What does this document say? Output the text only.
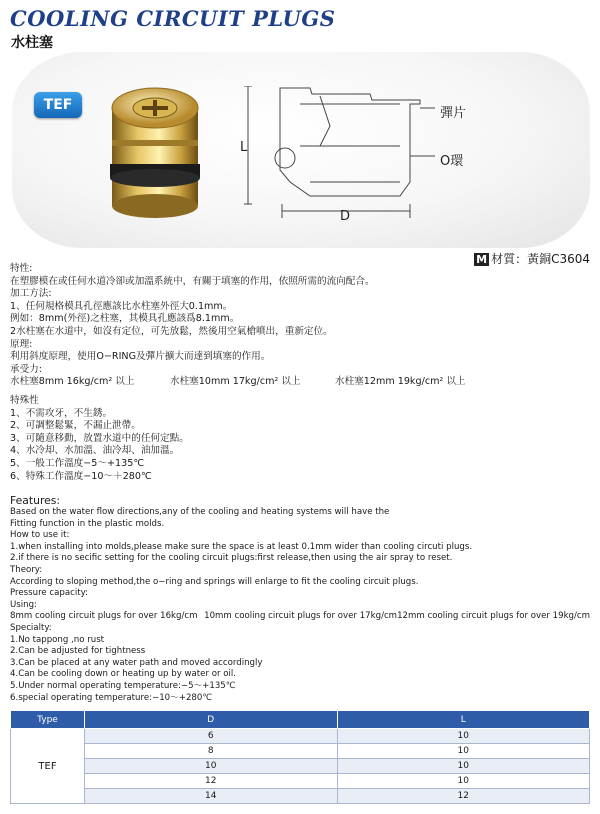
COOLING CIRCUIT PLUGS
水柱塞
TEF
L
D
彈片
O環
M 材質：黃銅C3604
特性:
在塑膠模在或任何水道冷卻或加溫系統中，有關于填塞的作用，依照所需的流向配合。
加工方法:
1、任何規格模具孔徑應該比水柱塞外徑大0.1mm。
例如：8mm(外徑)之柱塞，其模具孔應該爲8.1mm。
2水柱塞在水道中，如沒有定位，可先放鬆，然後用空氣槍噴出，重新定位。
原理:
利用斜度原理，使用O−RING及彈片擴大而達到填塞的作用。
承受力:
水柱塞8mm 16kg/cm² 以上	水柱塞10mm 17kg/cm² 以上	水柱塞12mm 19kg/cm² 以上
特殊性
1、不需攻牙，不生銹。
2、可調整鬆緊，不漏止泄帶。
3、可隨意移動，放置水道中的任何定點。
4、水冷却、水加溫、油冷却、油加溫。
5、一般工作溫度−5～+135℃
6、特殊工作溫度−10～＋280℃
Features:
Based on the water flow directions,any of the cooling and heating systems will have the
Fitting function in the plastic molds.
How to use it:
1.when installing into molds,please make sure the space is at least 0.1mm wider than cooling circuti plugs.
2.if there is no secific setting for the cooling circuit plugs:first release,then using the air spray to reset.
Theory:
According to sloping method,the o−ring and springs will enlarge to fit the cooling circuit plugs.
Pressure capacity:
Using:
8mm cooling circuit plugs for over 16kg/cm 10mm cooling circuit plugs for over 17kg/cm 12mm cooling circuit plugs for over 19kg/cm
Specialty:
1.No tappong ,no rust
2.Can be adjusted for tightness
3.Can be placed at any water path and moved accordingly
4.Can be cooling down or heating up by water or oil.
5.Under normal operating temperature:−5～+135℃
6.special operating temperature:−10～+280℃
Type	D	L
TEF	6	10
	8	10
	10	10
	12	10
	14	12
